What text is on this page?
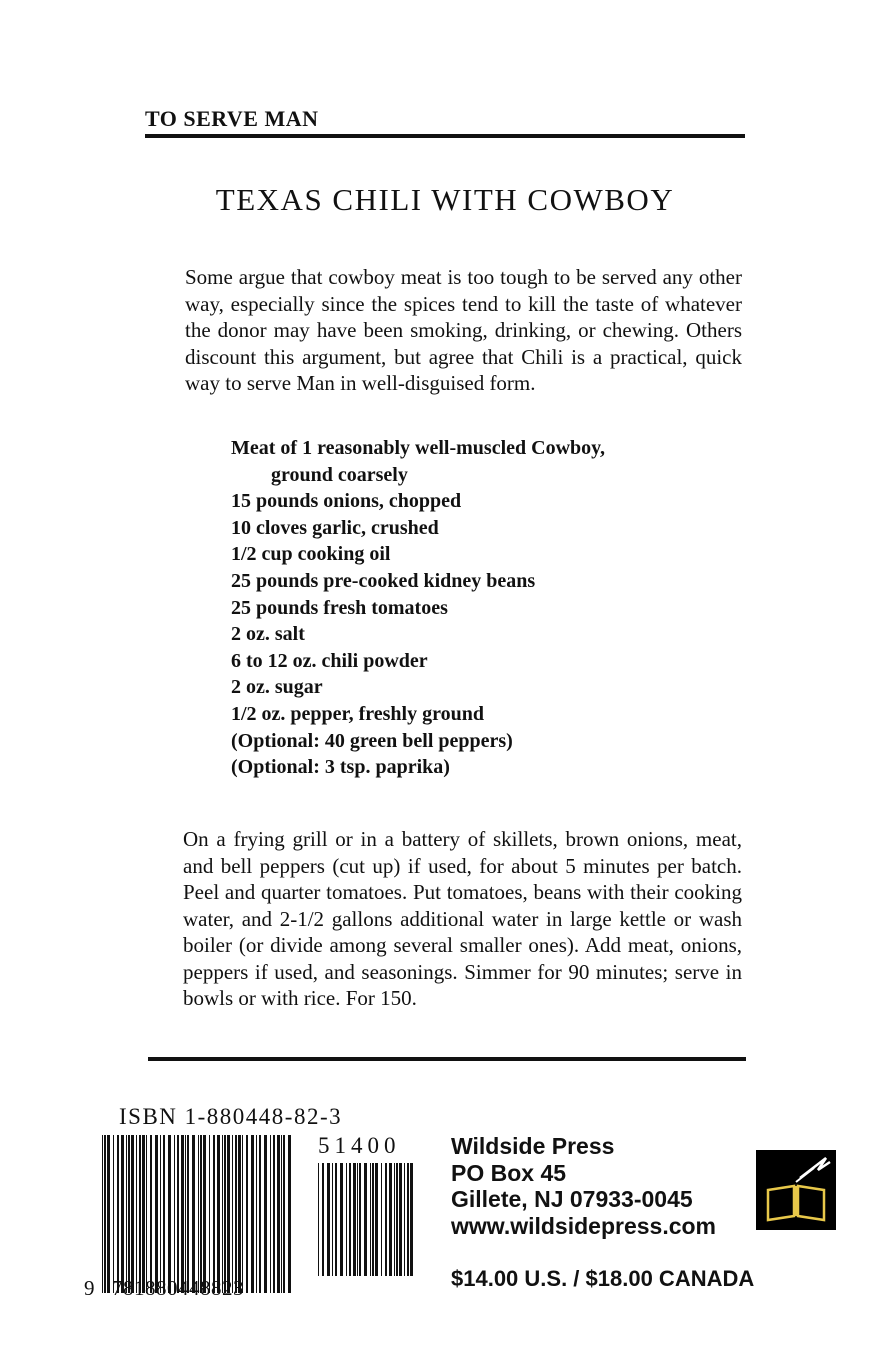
TO SERVE MAN
TEXAS CHILI WITH COWBOY

Some argue that cowboy meat is too tough to be served any other way, especially since the spices tend to kill the taste of whatever the donor may have been smoking, drinking, or chewing. Others discount this argument, but agree that Chili is a practical, quick way to serve Man in well-disguised form.

Meat of 1 reasonably well-muscled Cowboy,
ground coarsely
15 pounds onions, chopped
10 cloves garlic, crushed
1/2 cup cooking oil
25 pounds pre-cooked kidney beans
25 pounds fresh tomatoes
2 oz. salt
6 to 12 oz. chili powder
2 oz. sugar
1/2 oz. pepper, freshly ground
(Optional: 40 green bell peppers)
(Optional: 3 tsp. paprika)

On a frying grill or in a battery of skillets, brown onions, meat, and bell peppers (cut up) if used, for about 5 minutes per batch. Peel and quarter tomatoes. Put tomatoes, beans with their cooking water, and 2-1/2 gallons additional water in large kettle or wash boiler (or divide among several smaller ones). Add meat, onions, peppers if used, and seasonings. Simmer for 90 minutes; serve in bowls or with rice. For 150.

ISBN 1-880448-82-3
51400
9 781880448823
Wildside Press
PO Box 45
Gillete, NJ 07933-0045
www.wildsidepress.com
$14.00 U.S. / $18.00 CANADA
